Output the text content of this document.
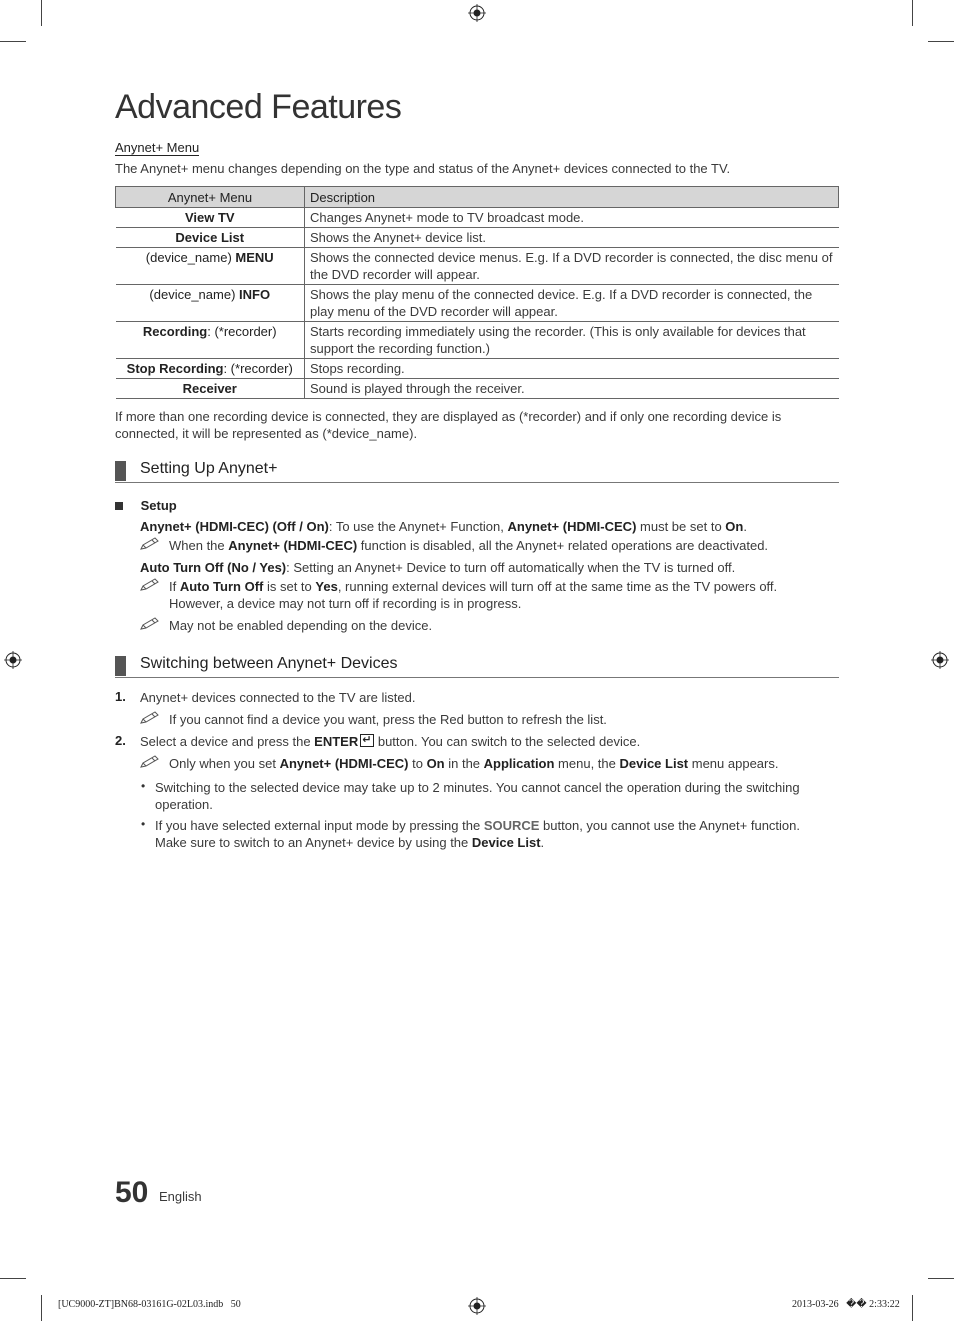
Advanced Features
Anynet+ Menu
The Anynet+ menu changes depending on the type and status of the Anynet+ devices connected to the TV.
Anynet+ Menu	Description
View TV	Changes Anynet+ mode to TV broadcast mode.
Device List	Shows the Anynet+ device list.
(device_name) MENU	Shows the connected device menus. E.g. If a DVD recorder is connected, the disc menu of the DVD recorder will appear.
(device_name) INFO	Shows the play menu of the connected device. E.g. If a DVD recorder is connected, the play menu of the DVD recorder will appear.
Recording: (*recorder)	Starts recording immediately using the recorder. (This is only available for devices that support the recording function.)
Stop Recording: (*recorder)	Stops recording.
Receiver	Sound is played through the receiver.
If more than one recording device is connected, they are displayed as (*recorder) and if only one recording device is connected, it will be represented as (*device_name).
Setting Up Anynet+
Setup
Anynet+ (HDMI-CEC) (Off / On): To use the Anynet+ Function, Anynet+ (HDMI-CEC) must be set to On.
When the Anynet+ (HDMI-CEC) function is disabled, all the Anynet+ related operations are deactivated.
Auto Turn Off (No / Yes): Setting an Anynet+ Device to turn off automatically when the TV is turned off.
If Auto Turn Off is set to Yes, running external devices will turn off at the same time as the TV powers off.
However, a device may not turn off if recording is in progress.
May not be enabled depending on the device.
Switching between Anynet+ Devices
1. Anynet+ devices connected to the TV are listed.
If you cannot find a device you want, press the Red button to refresh the list.
2. Select a device and press the ENTER↵ button. You can switch to the selected device.
Only when you set Anynet+ (HDMI-CEC) to On in the Application menu, the Device List menu appears.
• Switching to the selected device may take up to 2 minutes. You cannot cancel the operation during the switching
operation.
• If you have selected external input mode by pressing the SOURCE button, you cannot use the Anynet+ function.
Make sure to switch to an Anynet+ device by using the Device List.
50 English
[UC9000-ZT]BN68-03161G-02L03.indb   50	2013-03-26   �� 2:33:22
